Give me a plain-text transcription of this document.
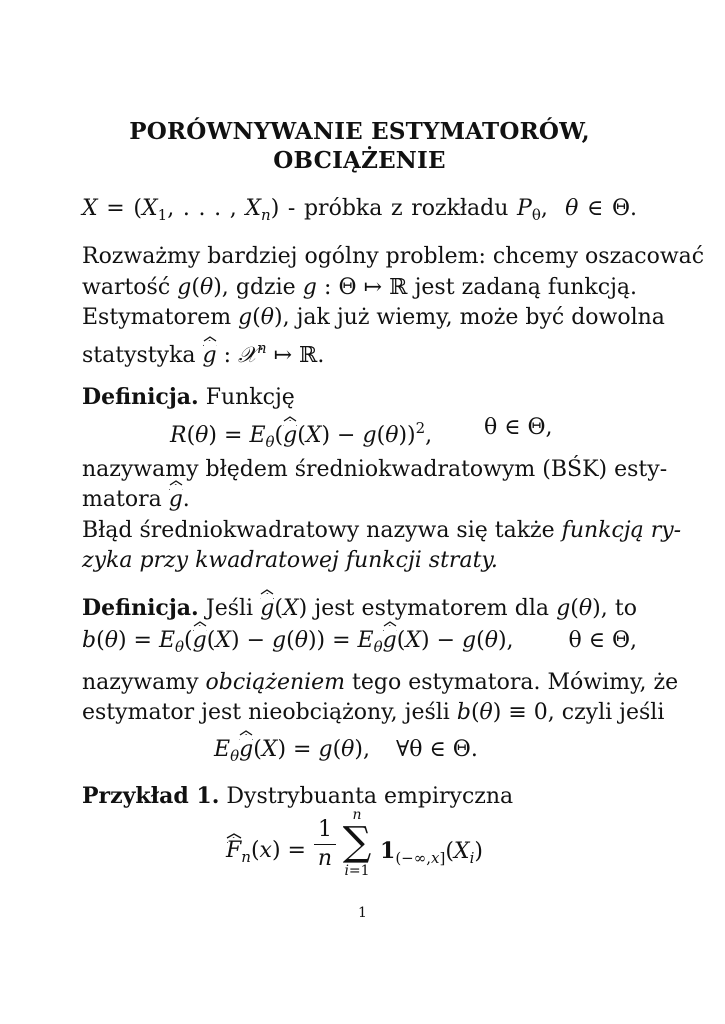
PORÓWNYWANIE ESTYMATORÓW,
OBCIĄŻENIE
$X = (X_1$, . . . , $X_n$) - próbka z rozkładu $P_\theta$,  θ ∈ Θ.
Rozważmy bardziej ogólny problem: chcemy oszacować
wartość g(θ), gdzie g : Θ ↦ ℝ jest zadaną funkcją.
Estymatorem g(θ), jak już wiemy, może być dowolna
statystyka g
: 𝒳$^n$ ↦ ℝ.
Definicja. Funkcję
$R(\theta) = E_\theta(g$
(X) − g(θ))$^2$, θ ∈ Θ,
nazywamy błędem średniokwadratowym (BŚK) esty-
matora g
.
Błąd średniokwadratowy nazywa się także funkcją ry-
zyka przy kwadratowej funkcji straty.
Definicja. Jeśli g
(X) jest estymatorem dla g(θ), to
$b(\theta) = E_\theta(g$
$(X) - g(\theta)) = E_\theta g$
(X) − g(θ), θ ∈ Θ,
nazywamy obciążeniem tego estymatora. Mówimy, że
estymator jest nieobciążony, jeśli b(θ) ≡ 0, czyli jeśli
$E_\theta g$
(X) = g(θ), ∀θ ∈ Θ.
Przykład 1. Dystrybuanta empiryczna
F
$_n$(x) =
1
n
n
∑
i=1
$1_{(-\infty,x]}(X_i)$
1
